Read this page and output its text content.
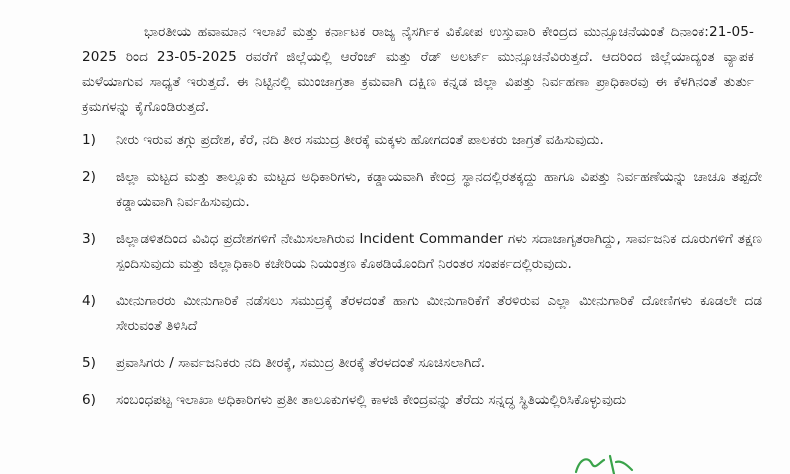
ಭಾರತೀಯ ಹವಾಮಾನ ಇಲಾಖೆ ಮತ್ತು ಕರ್ನಾಟಕ ರಾಜ್ಯ ನೈಸರ್ಗಿಕ ವಿಕೋಪ ಉಸ್ತುವಾರಿ ಕೇಂದ್ರದ ಮುನ್ಸೂಚನೆಯಂತೆ ದಿನಾಂಕ:21-05-2025 ರಿಂದ 23-05-2025 ರವರೆಗೆ ಜಿಲ್ಲೆಯಲ್ಲಿ ಆರೆಂಜ್ ಮತ್ತು ರೆಡ್ ಅಲರ್ಟ್ ಮುನ್ಸೂಚನೆವಿರುತ್ತದೆ. ಆದರಿಂದ ಜಿಲ್ಲೆಯಾದ್ಯಂತ ವ್ಯಾಪಕ ಮಳೆಯಾಗುವ ಸಾಧ್ಯತೆ ಇರುತ್ತದೆ. ಈ ನಿಟ್ಟಿನಲ್ಲಿ ಮುಂಜಾಗ್ರತಾ ಕ್ರಮವಾಗಿ ದಕ್ಷಿಣ ಕನ್ನಡ ಜಿಲ್ಲಾ ವಿಪತ್ತು ನಿರ್ವಹಣಾ ಪ್ರಾಧಿಕಾರವು ಈ ಕೆಳಗಿನಂತೆ ತುರ್ತು ಕ್ರಮಗಳನ್ನು ಕೈಗೊಂಡಿರುತ್ತದೆ.

1)	ನೀರು ಇರುವ ತಗ್ಗು ಪ್ರದೇಶ, ಕೆರೆ, ನದಿ ತೀರ ಸಮುದ್ರ ತೀರಕ್ಕೆ ಮಕ್ಕಳು ಹೋಗದಂತೆ ಪಾಲಕರು ಜಾಗ್ರತೆ ವಹಿಸುವುದು.
2)	ಜಿಲ್ಲಾ ಮಟ್ಟದ ಮತ್ತು ತಾಲ್ಲೂಕು ಮಟ್ಟದ ಅಧಿಕಾರಿಗಳು, ಕಡ್ಡಾಯವಾಗಿ ಕೇಂದ್ರ ಸ್ಥಾನದಲ್ಲಿರತಕ್ಕದ್ದು ಹಾಗೂ ವಿಪತ್ತು ನಿರ್ವಹಣೆಯನ್ನು ಚಾಚೂ ತಪ್ಪದೇ ಕಡ್ಡಾಯವಾಗಿ ನಿರ್ವಹಿಸುವುದು.
3)	ಜಿಲ್ಲಾಡಳಿತದಿಂದ ವಿವಿಧ ಪ್ರದೇಶಗಳಿಗೆ ನೇಮಿಸಲಾಗಿರುವ Incident Commander ಗಳು ಸದಾಜಾಗೃತರಾಗಿದ್ದು, ಸಾರ್ವಜನಿಕ ದೂರುಗಳಿಗೆ ತಕ್ಷಣ ಸ್ಪಂದಿಸುವುದು ಮತ್ತು ಜಿಲ್ಲಾಧಿಕಾರಿ ಕಚೇರಿಯ ನಿಯಂತ್ರಣ ಕೊಠಡಿಯೊಂದಿಗೆ ನಿರಂತರ ಸಂಪರ್ಕದಲ್ಲಿರುವುದು.
4)	ಮೀನುಗಾರರು ಮೀನುಗಾರಿಕೆ ನಡೆಸಲು ಸಮುದ್ರಕ್ಕೆ ತೆರಳದಂತೆ ಹಾಗು ಮೀನುಗಾರಿಕೆಗೆ ತೆರಳಿರುವ ಎಲ್ಲಾ ಮೀನುಗಾರಿಕೆ ದೋಣಿಗಳು ಕೂಡಲೇ ದಡ ಸೇರುವಂತೆ ತಿಳಿಸಿದೆ
5)	ಪ್ರವಾಸಿಗರು / ಸಾರ್ವಜನಿಕರು ನದಿ ತೀರಕ್ಕೆ, ಸಮುದ್ರ ತೀರಕ್ಕೆ ತೆರಳದಂತೆ ಸೂಚಿಸಲಾಗಿದೆ.
6)	ಸಂಬಂಧಪಟ್ಟ ಇಲಾಖಾ ಅಧಿಕಾರಿಗಳು ಪ್ರತೀ ತಾಲೂಕುಗಳಲ್ಲಿ ಕಾಳಜಿ ಕೇಂದ್ರವನ್ನು ತೆರೆದು ಸನ್ನದ್ಧ ಸ್ಥಿತಿಯಲ್ಲಿರಿಸಿಕೊಳ್ಳುವುದು
